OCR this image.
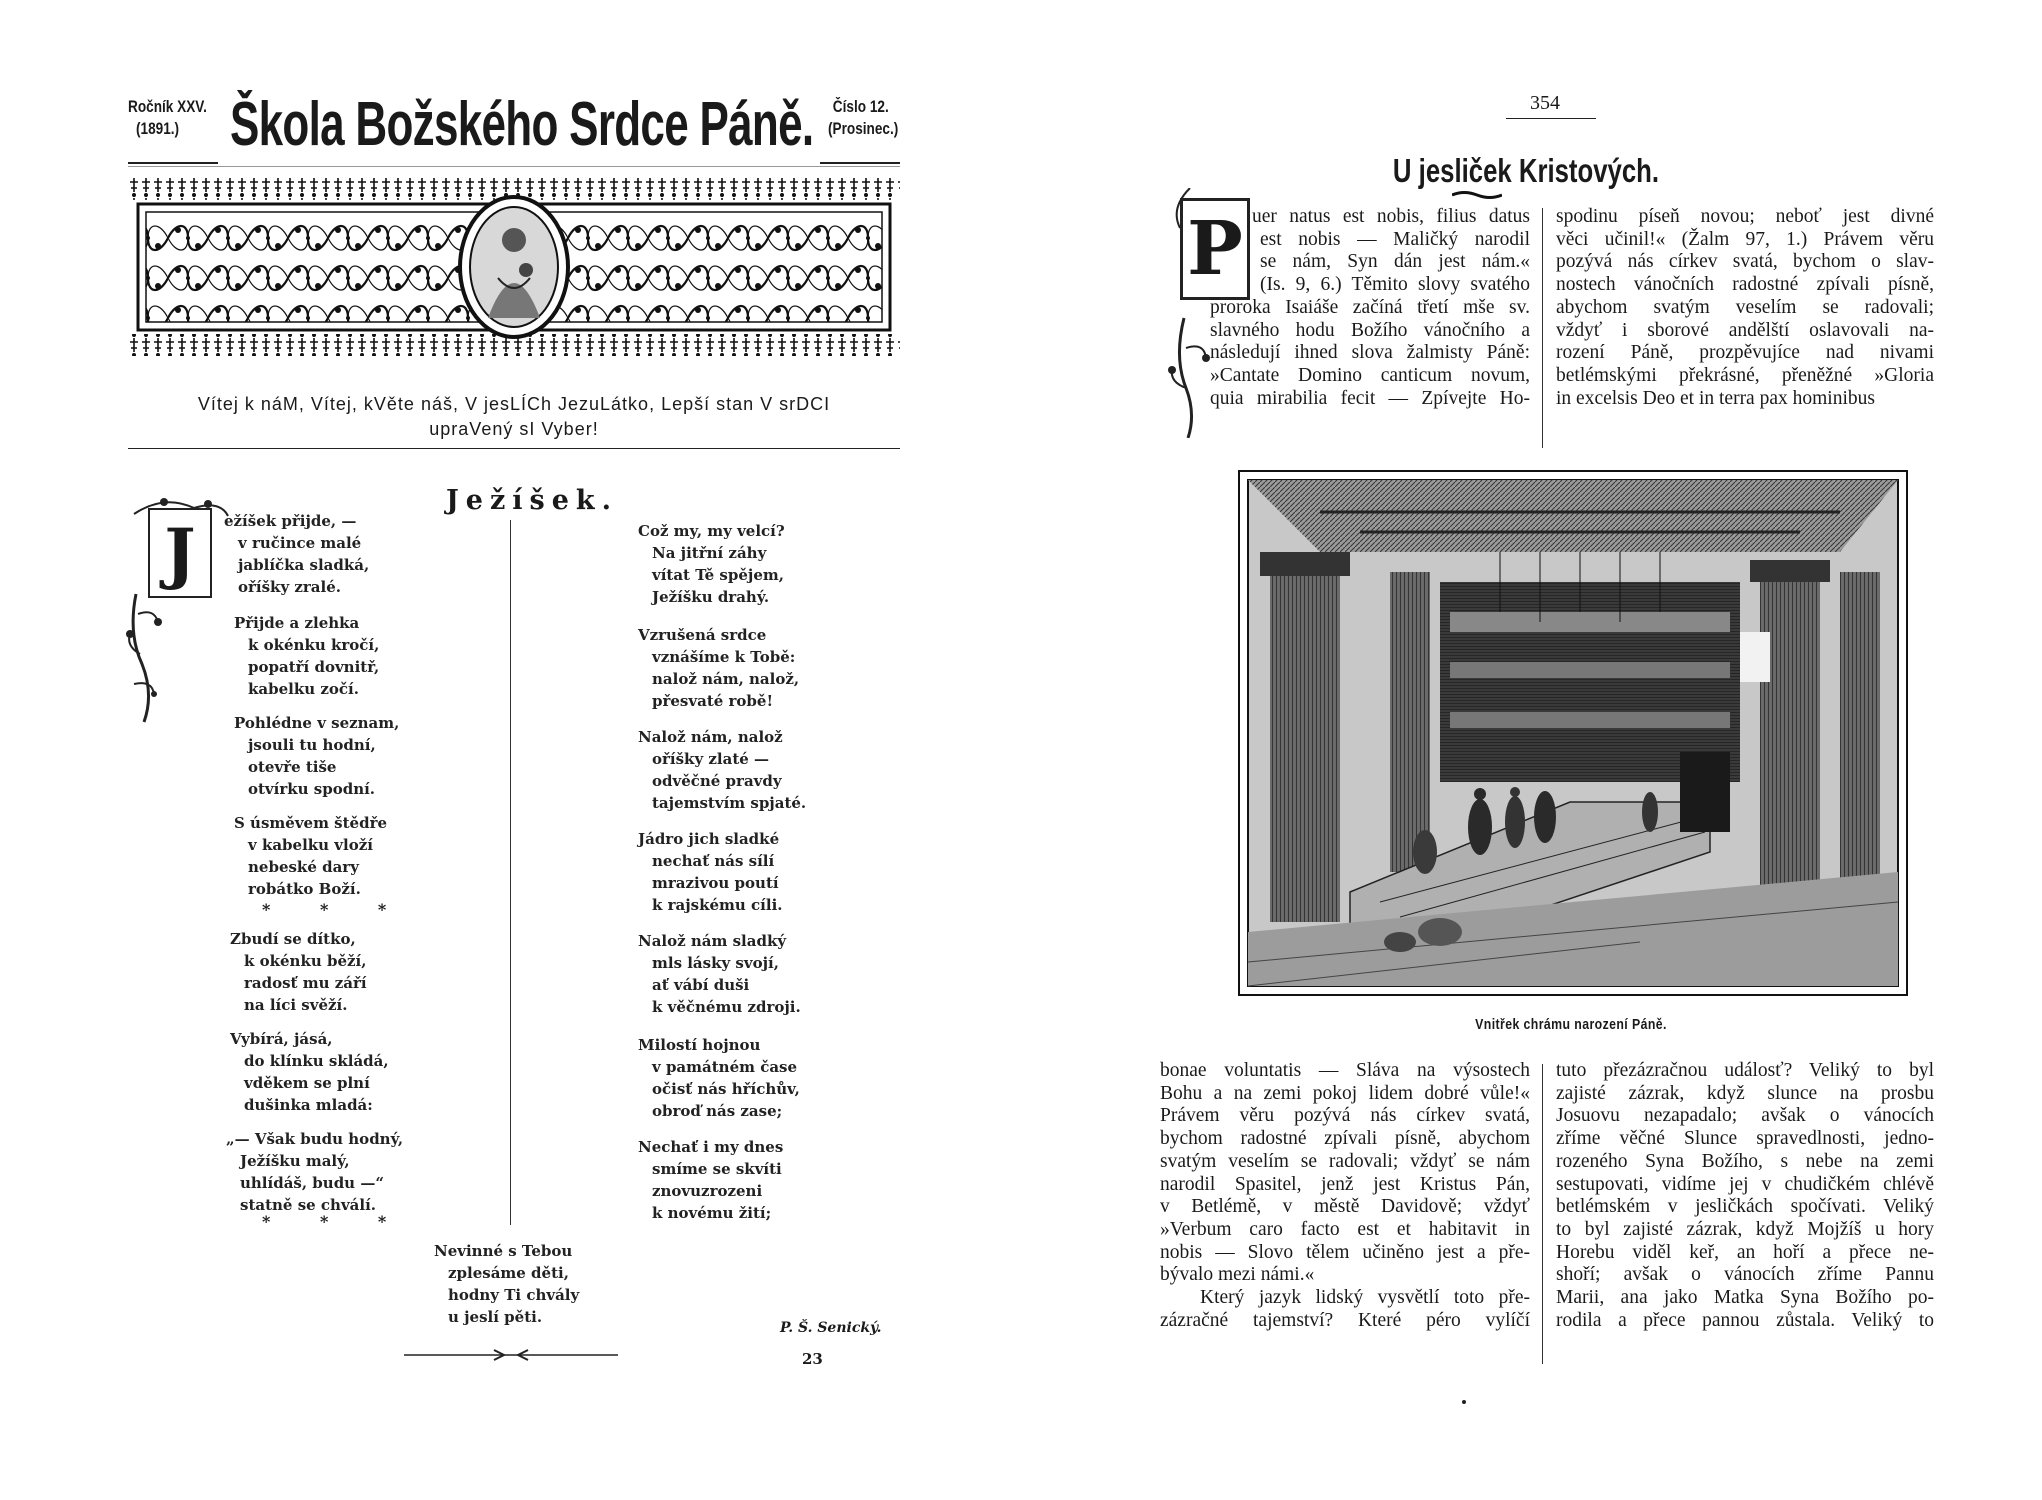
Ročník XXV.
(1891.) Škola Božského Srdce Páně. Číslo 12.
(Prosinec.)
Vítej k náM, Vítej, kVěte náš, V jesLÍCh JezuLátko, Lepší stan V srDCI
upraVený sI Vyber!
Ježíšek.
J ežíšek přijde, —
v ručince malé
jablíčka sladká,
oříšky zralé.
Přijde a zlehka
k okénku kročí,
popatří dovnitř,
kabelku zočí.
Pohlédne v seznam,
jsouli tu hodní,
otevře tiše
otvírku spodní.
S úsměvem štědře
v kabelku vloží
nebeské dary
robátko Boží.
* * *
Zbudí se dítko,
k okénku běží,
radosť mu září
na líci svěží.
Vybírá, jásá,
do klínku skládá,
vděkem se plní
dušinka mladá:
„— Však budu hodný,
Ježíšku malý,
uhlídáš, budu —“
statně se chválí.
* * *
Což my, my velcí?
Na jitřní záhy
vítat Tě spějem,
Ježíšku drahý.
Vzrušená srdce
vznášíme k Tobě:
nalož nám, nalož,
přesvaté robě!
Nalož nám, nalož
oříšky zlaté —
odvěčné pravdy
tajemstvím spjaté.
Jádro jich sladké
nechať nás sílí
mrazivou poutí
k rajskému cíli.
Nalož nám sladký
mls lásky svojí,
ať vábí duši
k věčnému zdroji.
Milostí hojnou
v památném čase
očisť nás hříchův,
obroď nás zase;
Nechať i my dnes
smíme se skvíti
znovuzrozeni
k novému žití;
Nevinné s Tebou
zplesáme děti,
hodny Ti chvály
u jeslí pěti.
P. Š. Senický.
23
354
U jesliček Kristových.
P uer natus est nobis, filius datus
est nobis — Maličký narodil
se nám, Syn dán jest nám.«
(Is. 9, 6.) Těmito slovy svatého
proroka Isaiáše začíná třetí mše sv.
slavného hodu Božího vánočního a
následují ihned slova žalmisty Páně:
»Cantate Domino canticum novum,
quia mirabilia fecit — Zpívejte Ho-
spodinu píseň novou; neboť jest divné
věci učinil!« (Žalm 97, 1.) Právem věru
pozývá nás církev svatá, bychom o slav-
nostech vánočních radostné zpívali písně,
abychom svatým veselím se radovali;
vždyť i sborové andělští oslavovali na-
rození Páně, prozpěvujíce nad nivami
betlémskými překrásné, přeněžné »Gloria
in excelsis Deo et in terra pax hominibus
Vnitřek chrámu narození Páně.
bonae voluntatis — Sláva na výsostech
Bohu a na zemi pokoj lidem dobré vůle!«
Právem věru pozývá nás církev svatá,
bychom radostné zpívali písně, abychom
svatým veselím se radovali; vždyť se nám
narodil Spasitel, jenž jest Kristus Pán,
v Betlémě, v městě Davidově; vždyť
»Verbum caro facto est et habitavit in
nobis — Slovo tělem učiněno jest a pře-
bývalo mezi námi.«
Který jazyk lidský vysvětlí toto pře-
zázračné tajemství? Které péro vylíčí
tuto přezázračnou událosť? Veliký to byl
zajisté zázrak, když slunce na prosbu
Josuovu nezapadalo; avšak o vánocích
zříme věčné Slunce spravedlnosti, jedno-
rozeného Syna Božího, s nebe na zemi
sestupovati, vidíme jej v chudičkém chlévě
betlémském v jesličkách spočívati. Veliký
to byl zajisté zázrak, když Mojžíš u hory
Horebu viděl keř, an hoří a přece ne-
shoří; avšak o vánocích zříme Pannu
Marii, ana jako Matka Syna Božího po-
rodila a přece pannou zůstala. Veliký to
